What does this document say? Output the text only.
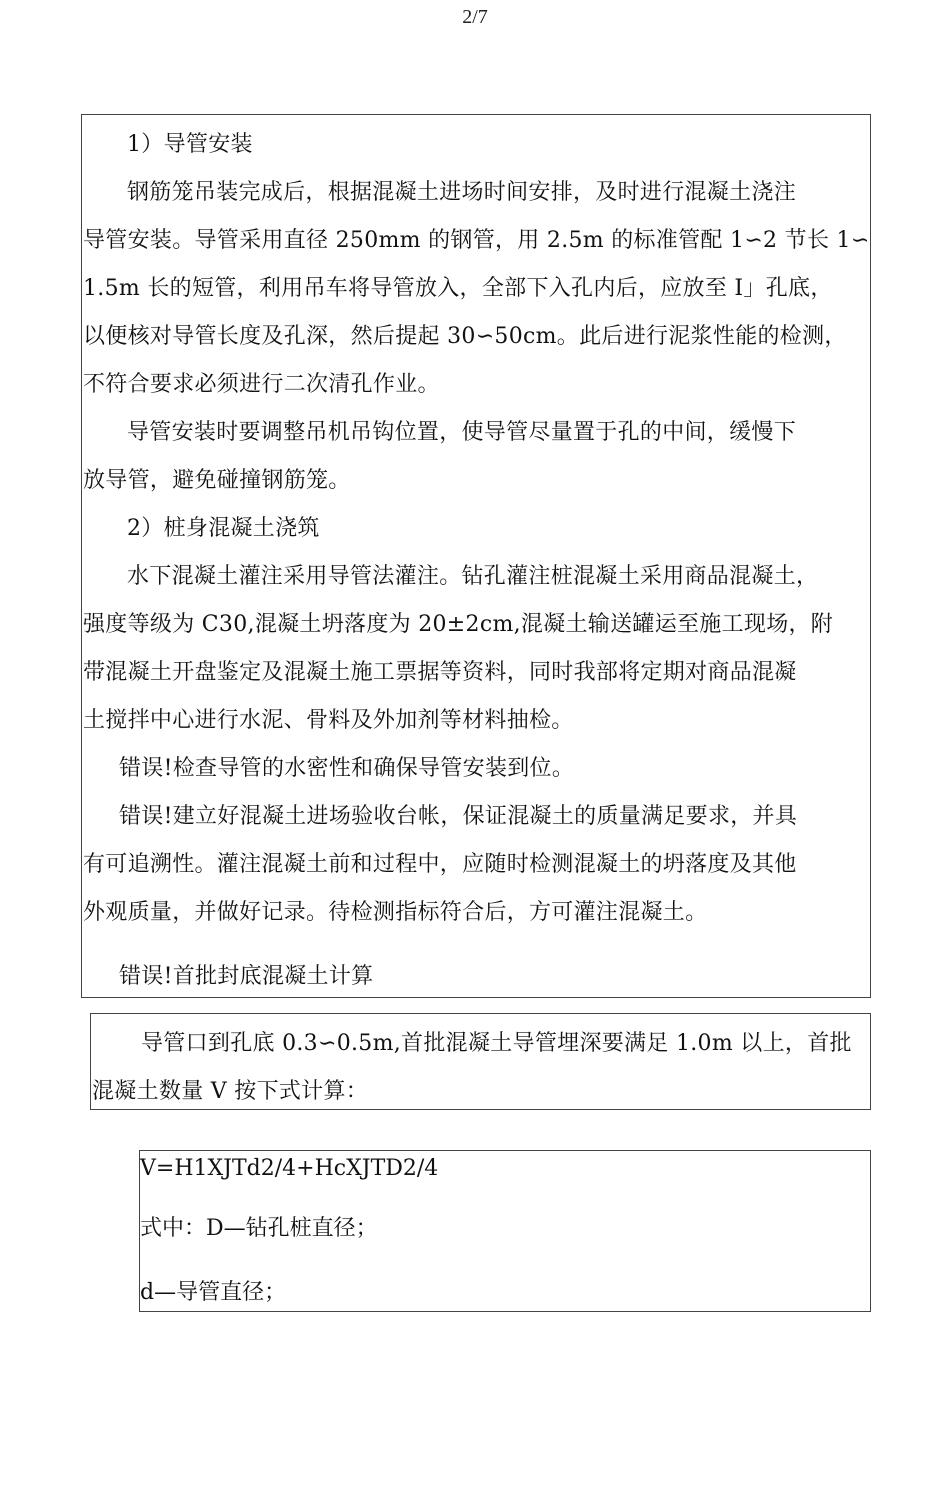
2/7

1）导管安装

钢筋笼吊装完成后，根据混凝土进场时间安排，及时进行混凝土浇注

导管安装。导管采用直径 250mm 的钢管，用 2.5m 的标准管配 1∽2 节长 1∽

1.5m 长的短管，利用吊车将导管放入，全部下入孔内后，应放至 I」孔底，

以便核对导管长度及孔深，然后提起 30∽50cm。此后进行泥浆性能的检测，

不符合要求必须进行二次清孔作业。

导管安装时要调整吊机吊钩位置，使导管尽量置于孔的中间，缓慢下

放导管，避免碰撞钢筋笼。

2）桩身混凝土浇筑

水下混凝土灌注采用导管法灌注。钻孔灌注桩混凝土采用商品混凝土，

强度等级为 C30,混凝土坍落度为 20±2cm,混凝土输送罐运至施工现场，附

带混凝土开盘鉴定及混凝土施工票据等资料，同时我部将定期对商品混凝

土搅拌中心进行水泥、骨料及外加剂等材料抽检。

错误!检查导管的水密性和确保导管安装到位。

错误!建立好混凝土进场验收台帐，保证混凝土的质量满足要求，并具

有可追溯性。灌注混凝土前和过程中，应随时检测混凝土的坍落度及其他

外观质量，并做好记录。待检测指标符合后，方可灌注混凝土。

错误!首批封底混凝土计算

导管口到孔底 0.3∽0.5m,首批混凝土导管埋深要满足 1.0m 以上，首批

混凝土数量 V 按下式计算：

V=H1XJTd2/4+HcXJTD2/4

式中：D—钻孔桩直径；

d—导管直径；
